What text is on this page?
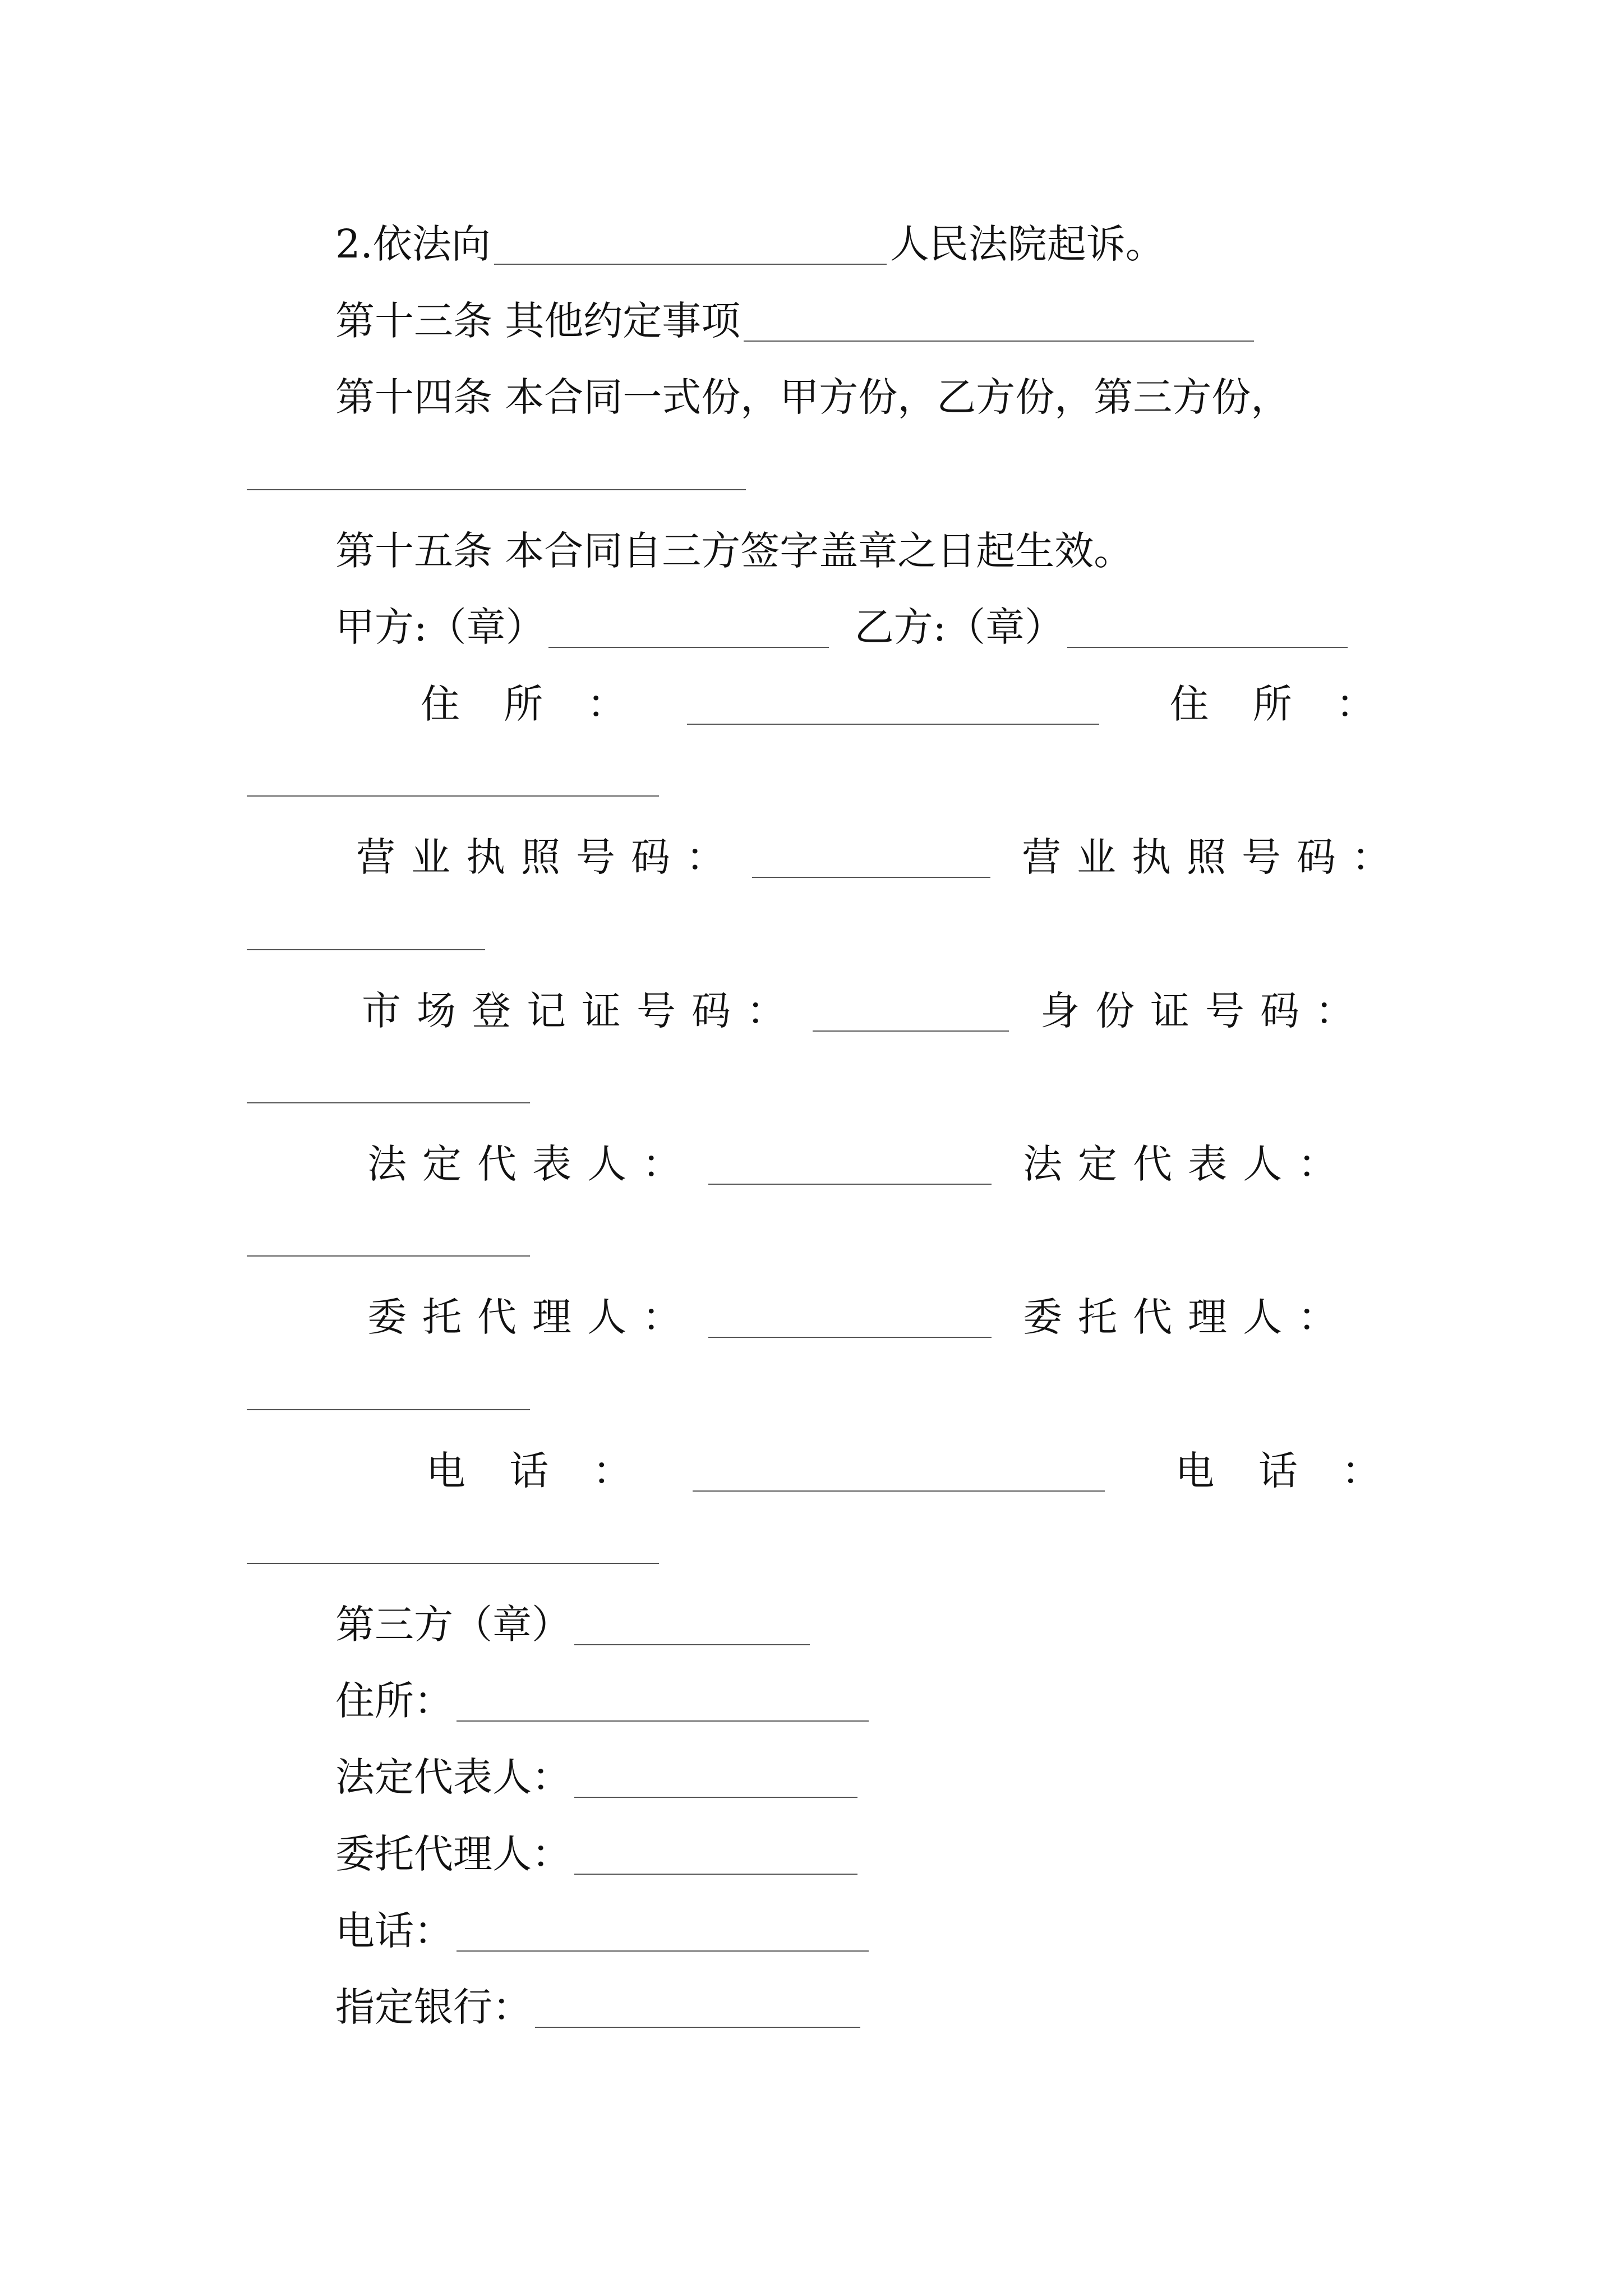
2.依法向	人民法院起诉。
第十三条 其他约定事项
第十四条 本合同一式份，甲方份，乙方份，第三方份，
第十五条 本合同自三方签字盖章之日起生效。
甲方:（章）	乙方:（章）
住 所 ：	住 所 ：
营业执照号码：	营业执照号码：
市场登记证号码：	身份证号码：
法定代表人：	法定代表人：
委托代理人：	委托代理人：
电 话 ：	电 话 ：
第三方（章）
住所：
法定代表人：
委托代理人：
电话：
指定银行：
